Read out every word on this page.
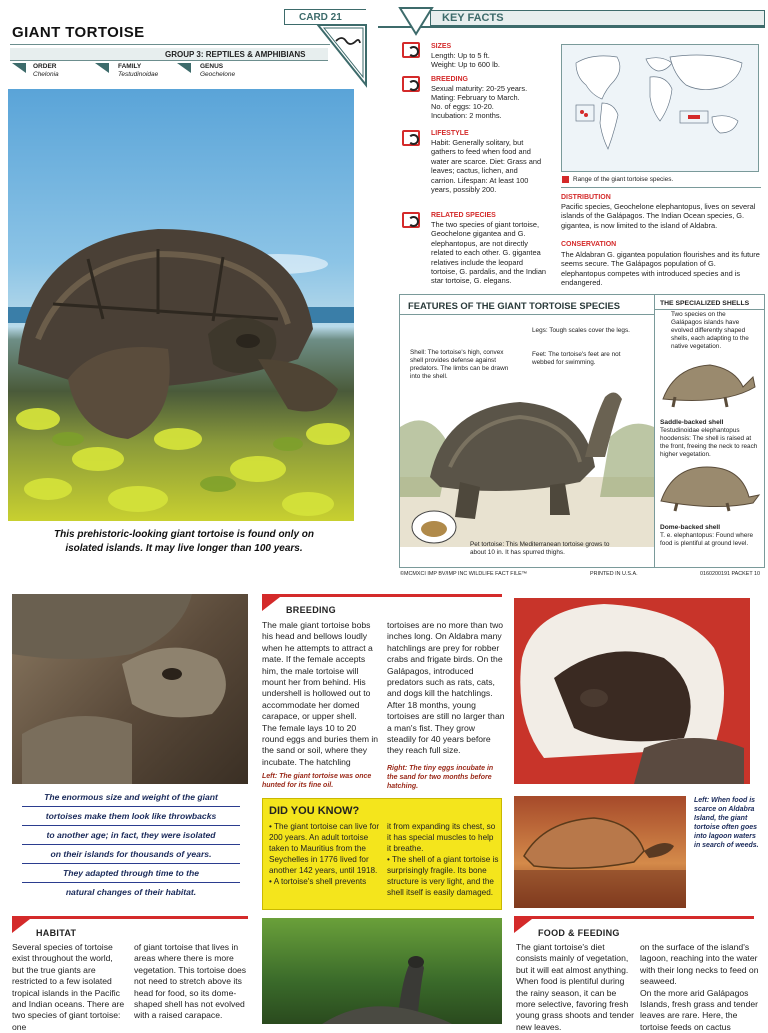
GIANT TORTOISE
CARD 21
GROUP 3: REPTILES & AMPHIBIANS
ORDER
Chelonia
FAMILY
Testudinoidae
GENUS
Geochelone
This prehistoric-looking giant tortoise is found only on isolated islands. It may live longer than 100 years.
KEY FACTS
SIZES
Length: Up to 5 ft.
Weight: Up to 600 lb.
BREEDING
Sexual maturity: 20-25 years.
Mating: February to March.
No. of eggs: 10-20.
Incubation: 2 months.
LIFESTYLE
Habit: Generally solitary, but gathers to feed when food and water are scarce. Diet: Grass and leaves; cactus, lichen, and carrion. Lifespan: At least 100 years, possibly 200.
RELATED SPECIES
The two species of giant tortoise, Geochelone gigantea and G. elephantopus, are not directly related to each other. G. gigantea relatives include the leopard tortoise, G. pardalis, and the Indian star tortoise, G. elegans.
Range of the giant tortoise species.
DISTRIBUTION
Pacific species, Geochelone elephantopus, lives on several islands of the Galápagos. The Indian Ocean species, G. gigantea, is now limited to the island of Aldabra.
CONSERVATION
The Aldabran G. gigantea population flourishes and its future seems secure. The Galápagos population of G. elephantopus competes with introduced species and is endangered.
FEATURES OF THE GIANT TORTOISE SPECIES
Legs: Tough scales cover the legs.
Shell: The tortoise's high, convex shell provides defense against predators. The limbs can be drawn into the shell.
Feet: The tortoise's feet are not webbed for swimming.
Pet tortoise: This Mediterranean tortoise grows to about 10 in. It has spurred thighs.
THE SPECIALIZED SHELLS
Two species on the Galápagos islands have evolved differently shaped shells, each adapting to the native vegetation.
Saddle-backed shell
Testudinoidae elephantopus hoodensis: The shell is raised at the front, freeing the neck to reach higher vegetation.
Dome-backed shell
T. e. elephantopus: Found where food is plentiful at ground level.
©MCMXCI IMP BV/IMP INC WILDLIFE FACT FILE™	PRINTED IN U.S.A.	0160200191 PACKET 10
BREEDING
The male giant tortoise bobs his head and bellows loudly when he attempts to attract a mate. If the female accepts him, the male tortoise will mount her from behind. His undershell is hollowed out to accommodate her domed carapace, or upper shell.
The female lays 10 to 20 round eggs and buries them in the sand or soil, where they incubate. The hatchling
tortoises are no more than two inches long. On Aldabra many hatchlings are prey for robber crabs and frigate birds. On the Galápagos, introduced predators such as rats, cats, and dogs kill the hatchlings. After 18 months, young tortoises are still no larger than a man's fist. They grow steadily for 40 years before they reach full size.
Left: The giant tortoise was once hunted for its fine oil.
Right: The tiny eggs incubate in the sand for two months before hatching.
The enormous size and weight of the giant
tortoises make them look like throwbacks
to another age; in fact, they were isolated
on their islands for thousands of years.
They adapted through time to the
natural changes of their habitat.
DID YOU KNOW?
• The giant tortoise can live for 200 years. An adult tortoise taken to Mauritius from the Seychelles in 1776 lived for another 142 years, until 1918.
• A tortoise's shell prevents
it from expanding its chest, so it has special muscles to help it breathe.
• The shell of a giant tortoise is surprisingly fragile. Its bone structure is very light, and the shell itself is easily damaged.
Left: When food is scarce on Aldabra Island, the giant tortoise often goes into lagoon waters in search of weeds.
HABITAT
Several species of tortoise exist throughout the world, but the true giants are restricted to a few isolated tropical islands in the Pacific and Indian oceans. There are two species of giant tortoise: one
of giant tortoise that lives in areas where there is more vegetation. This tortoise does not need to stretch above its head for food, so its dome-shaped shell has not evolved with a raised carapace.
FOOD & FEEDING
The giant tortoise's diet consists mainly of vegetation, but it will eat almost anything. When food is plentiful during the rainy season, it can be more selective, favoring fresh young grass shoots and tender new leaves.
on the surface of the island's lagoon, reaching into the water with their long necks to feed on seaweed.
On the more arid Galápagos Islands, fresh grass and tender leaves are rare. Here, the tortoise feeds on cactus
